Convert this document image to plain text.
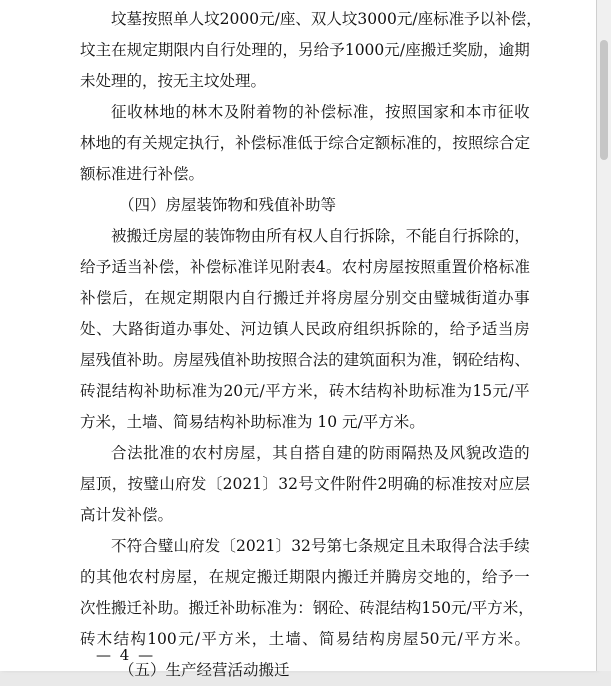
坟 墓 按 照 单 人 坟 2000 元 / 座 、 双 人 坟 3000 元 / 座 标 准 予 以 补 偿 ，
坟 主 在 规 定 期 限 内 自 行 处 理 的 ， 另 给 予 1000 元 / 座 搬 迁 奖 励 ， 逾 期
未处理的，按无主坟处理。
征 收 林 地 的 林 木 及 附 着 物 的 补 偿 标 准 ， 按 照 国 家 和 本 市 征 收
林 地 的 有 关 规 定 执 行 ， 补 偿 标 准 低 于 综 合 定 额 标 准 的 ， 按 照 综 合 定
额标准进行补偿。
（四）房屋装饰物和残值补助等
被 搬 迁 房 屋 的 装 饰 物 由 所 有 权 人 自 行 拆 除 ， 不 能 自 行 拆 除 的 ，
给 予 适 当 补 偿 ， 补 偿 标 准 详 见 附 表 4 。 农 村 房 屋 按 照 重 置 价 格 标 准
补 偿 后 ， 在 规 定 期 限 内 自 行 搬 迁 并 将 房 屋 分 别 交 由 璧 城 街 道 办 事
处 、 大 路 街 道 办 事 处 、 河 边 镇 人 民 政 府 组 织 拆 除 的 ， 给 予 适 当 房
屋 残 值 补 助 。 房 屋 残 值 补 助 按 照 合 法 的 建 筑 面 积 为 准 ， 钢 砼 结 构 、
砖 混 结 构 补 助 标 准 为 20 元 / 平 方 米 ， 砖 木 结 构 补 助 标 准 为 15 元 / 平
方米，土墙、简易结构补助标准为 10 元/平方米。
合 法 批 准 的 农 村 房 屋 ， 其 自 搭 自 建 的 防 雨 隔 热 及 风 貌 改 造 的
屋 顶 ， 按 璧 山 府 发 〔 2021 〕 32 号 文 件 附 件 2 明 确 的 标 准 按 对 应 层
高计发补偿。
不 符 合 璧 山 府 发 〔 2021 〕 32 号 第 七 条 规 定 且 未 取 得 合 法 手 续
的 其 他 农 村 房 屋 ， 在 规 定 搬 迁 期 限 内 搬 迁 并 腾 房 交 地 的 ， 给 予 一
次 性 搬 迁 补 助 。 搬 迁 补 助 标 准 为 ： 钢 砼 、 砖 混 结 构 150 元 / 平 方 米 ，
砖 木 结 构 100 元 / 平 方 米 ， 土 墙 、 简 易 结 构 房 屋 50 元 / 平 方 米 。
（五）生产经营活动搬迁
— 4 —
